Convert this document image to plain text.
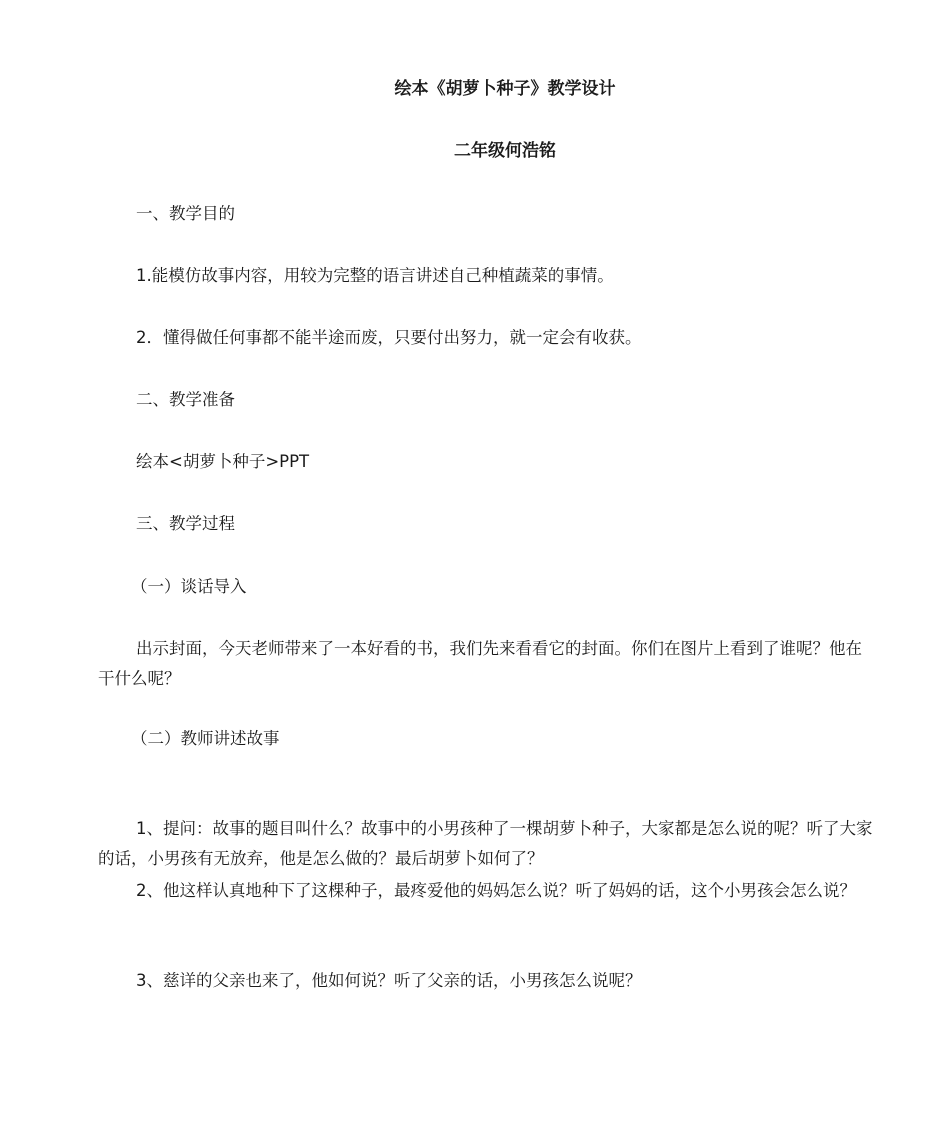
绘本《胡萝卜种子》教学设计
二年级何浩铭

一、教学目的

1.能模仿故事内容，用较为完整的语言讲述自己种植蔬菜的事情。

2．懂得做任何事都不能半途而废，只要付出努力，就一定会有收获。

二、教学准备

绘本<胡萝卜种子>PPT

三、教学过程

（一）谈话导入

出示封面，今天老师带来了一本好看的书，我们先来看看它的封面。你们在图片上看到了谁呢？他在干什么呢？

（二）教师讲述故事

1、提问：故事的题目叫什么？故事中的小男孩种了一棵胡萝卜种子，大家都是怎么说的呢？听了大家的话，小男孩有无放弃，他是怎么做的？最后胡萝卜如何了？

2、他这样认真地种下了这棵种子，最疼爱他的妈妈怎么说？听了妈妈的话，这个小男孩会怎么说？

3、慈详的父亲也来了，他如何说？听了父亲的话，小男孩怎么说呢？
